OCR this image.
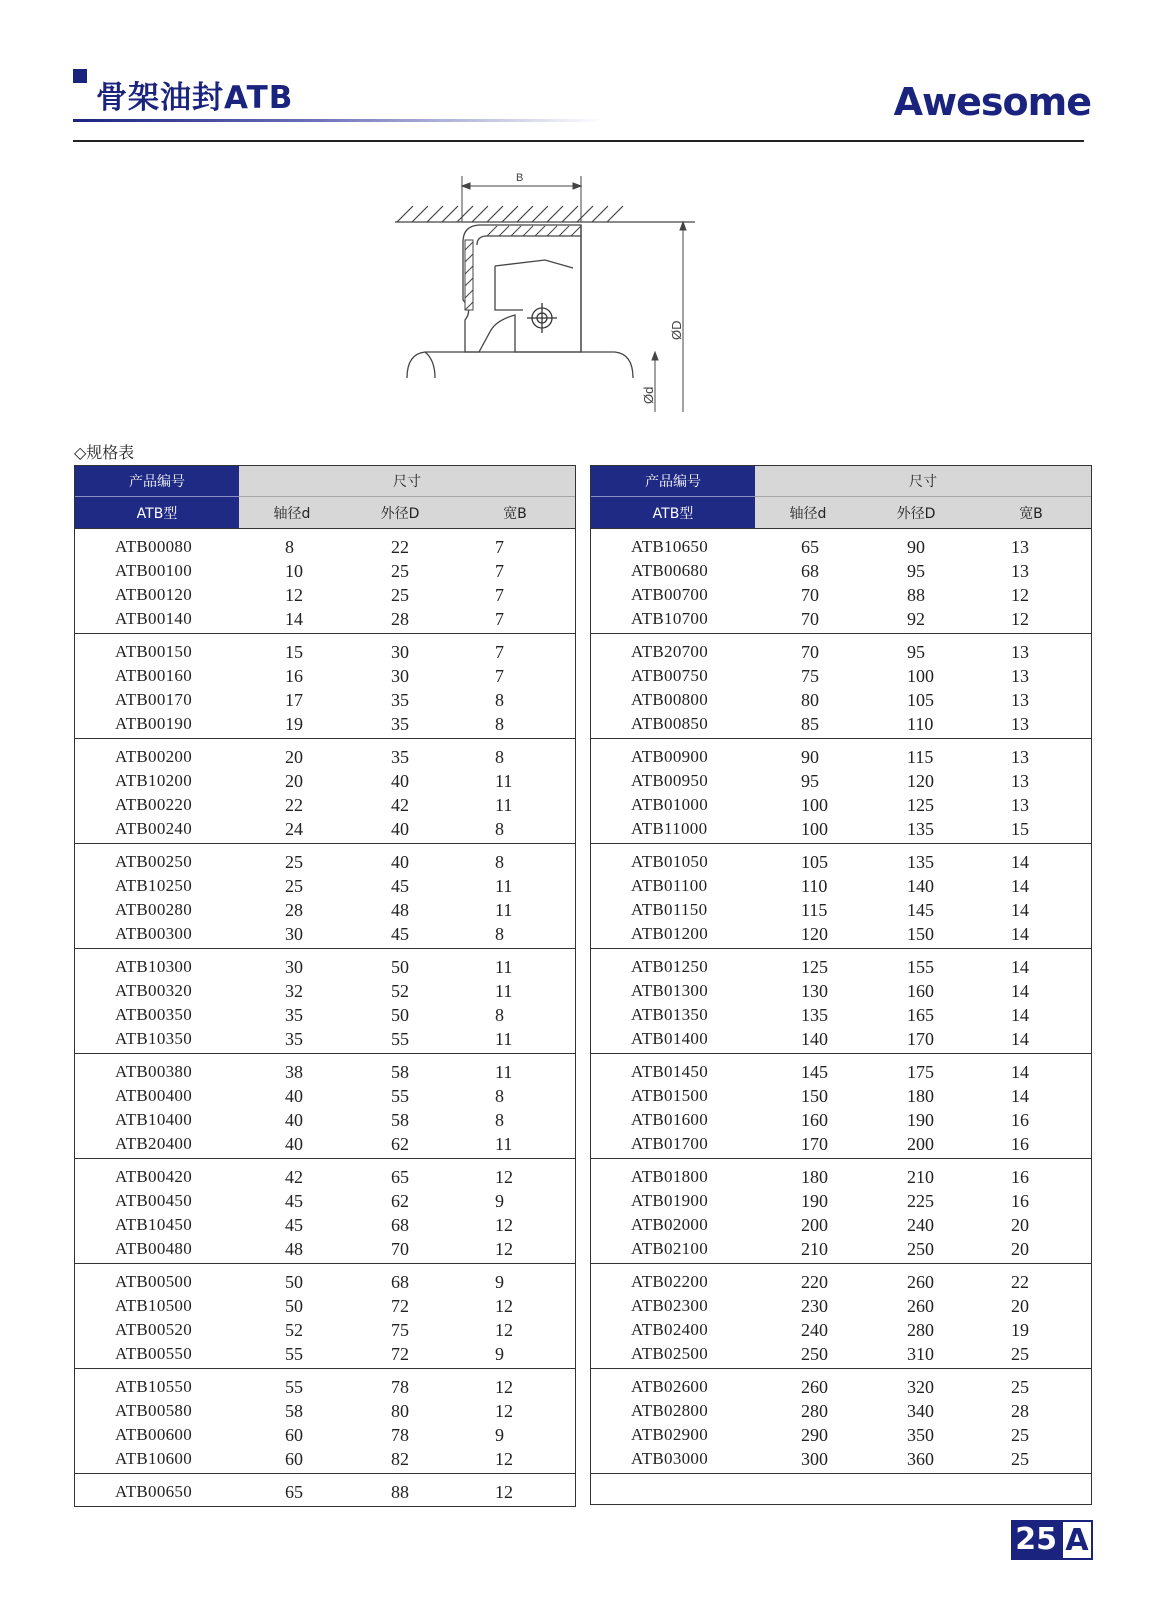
骨架油封ATB	Awesome
B
ØD
Ød
◇规格表
产品编号	尺寸
ATB型	轴径d	外径D	宽B
ATB00080	8	22	7
ATB00100	10	25	7
ATB00120	12	25	7
ATB00140	14	28	7
ATB00150	15	30	7
ATB00160	16	30	7
ATB00170	17	35	8
ATB00190	19	35	8
ATB00200	20	35	8
ATB10200	20	40	11
ATB00220	22	42	11
ATB00240	24	40	8
ATB00250	25	40	8
ATB10250	25	45	11
ATB00280	28	48	11
ATB00300	30	45	8
ATB10300	30	50	11
ATB00320	32	52	11
ATB00350	35	50	8
ATB10350	35	55	11
ATB00380	38	58	11
ATB00400	40	55	8
ATB10400	40	58	8
ATB20400	40	62	11
ATB00420	42	65	12
ATB00450	45	62	9
ATB10450	45	68	12
ATB00480	48	70	12
ATB00500	50	68	9
ATB10500	50	72	12
ATB00520	52	75	12
ATB00550	55	72	9
ATB10550	55	78	12
ATB00580	58	80	12
ATB00600	60	78	9
ATB10600	60	82	12
ATB00650	65	88	12
产品编号	尺寸
ATB型	轴径d	外径D	宽B
ATB10650	65	90	13
ATB00680	68	95	13
ATB00700	70	88	12
ATB10700	70	92	12
ATB20700	70	95	13
ATB00750	75	100	13
ATB00800	80	105	13
ATB00850	85	110	13
ATB00900	90	115	13
ATB00950	95	120	13
ATB01000	100	125	13
ATB11000	100	135	15
ATB01050	105	135	14
ATB01100	110	140	14
ATB01150	115	145	14
ATB01200	120	150	14
ATB01250	125	155	14
ATB01300	130	160	14
ATB01350	135	165	14
ATB01400	140	170	14
ATB01450	145	175	14
ATB01500	150	180	14
ATB01600	160	190	16
ATB01700	170	200	16
ATB01800	180	210	16
ATB01900	190	225	16
ATB02000	200	240	20
ATB02100	210	250	20
ATB02200	220	260	22
ATB02300	230	260	20
ATB02400	240	280	19
ATB02500	250	310	25
ATB02600	260	320	25
ATB02800	280	340	28
ATB02900	290	350	25
ATB03000	300	360	25
25 A
